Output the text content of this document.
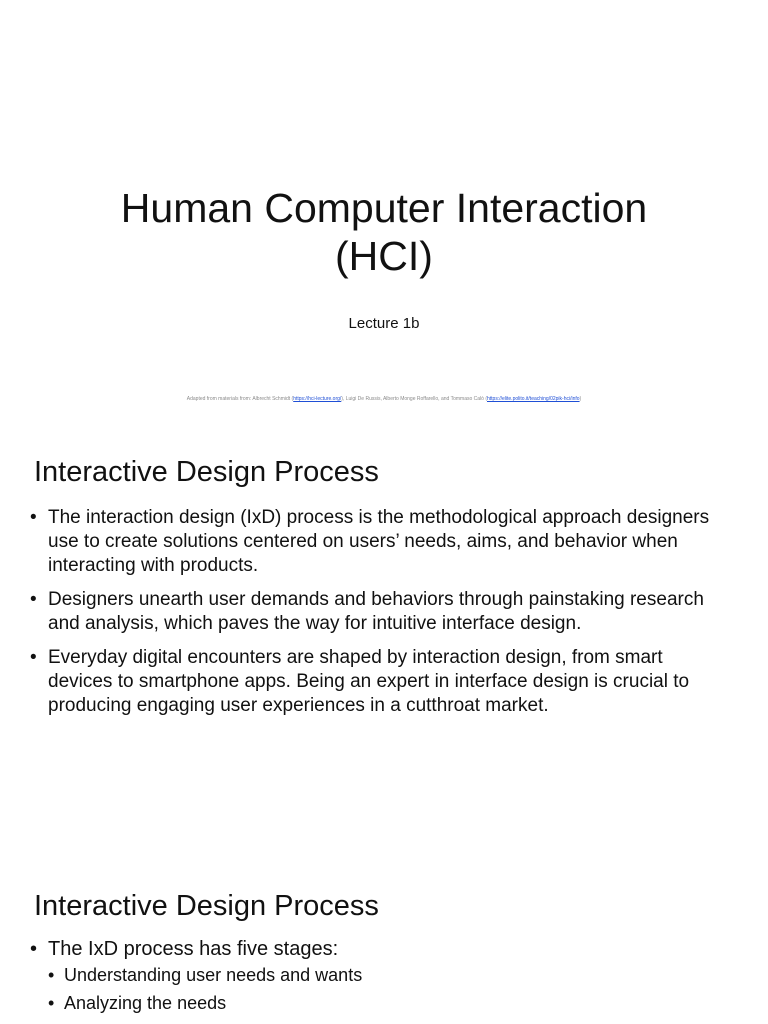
Human Computer Interaction
(HCI)
Lecture 1b
Adapted from materials from: Albrecht Schmidt (https://hci-lecture.org/), Luigi De Russis, Alberto Monge Roffarello, and Tommaso Calò (https://elite.polito.it/teaching/02pik-hci/info)
Interactive Design Process
• The interaction design (IxD) process is the methodological approach designers use to create solutions centered on users’ needs, aims, and behavior when interacting with products.
• Designers unearth user demands and behaviors through painstaking research and analysis, which paves the way for intuitive interface design.
• Everyday digital encounters are shaped by interaction design, from smart devices to smartphone apps. Being an expert in interface design is crucial to producing engaging user experiences in a cutthroat market.
Interactive Design Process
• The IxD process has five stages:
• Understanding user needs and wants
• Analyzing the needs
